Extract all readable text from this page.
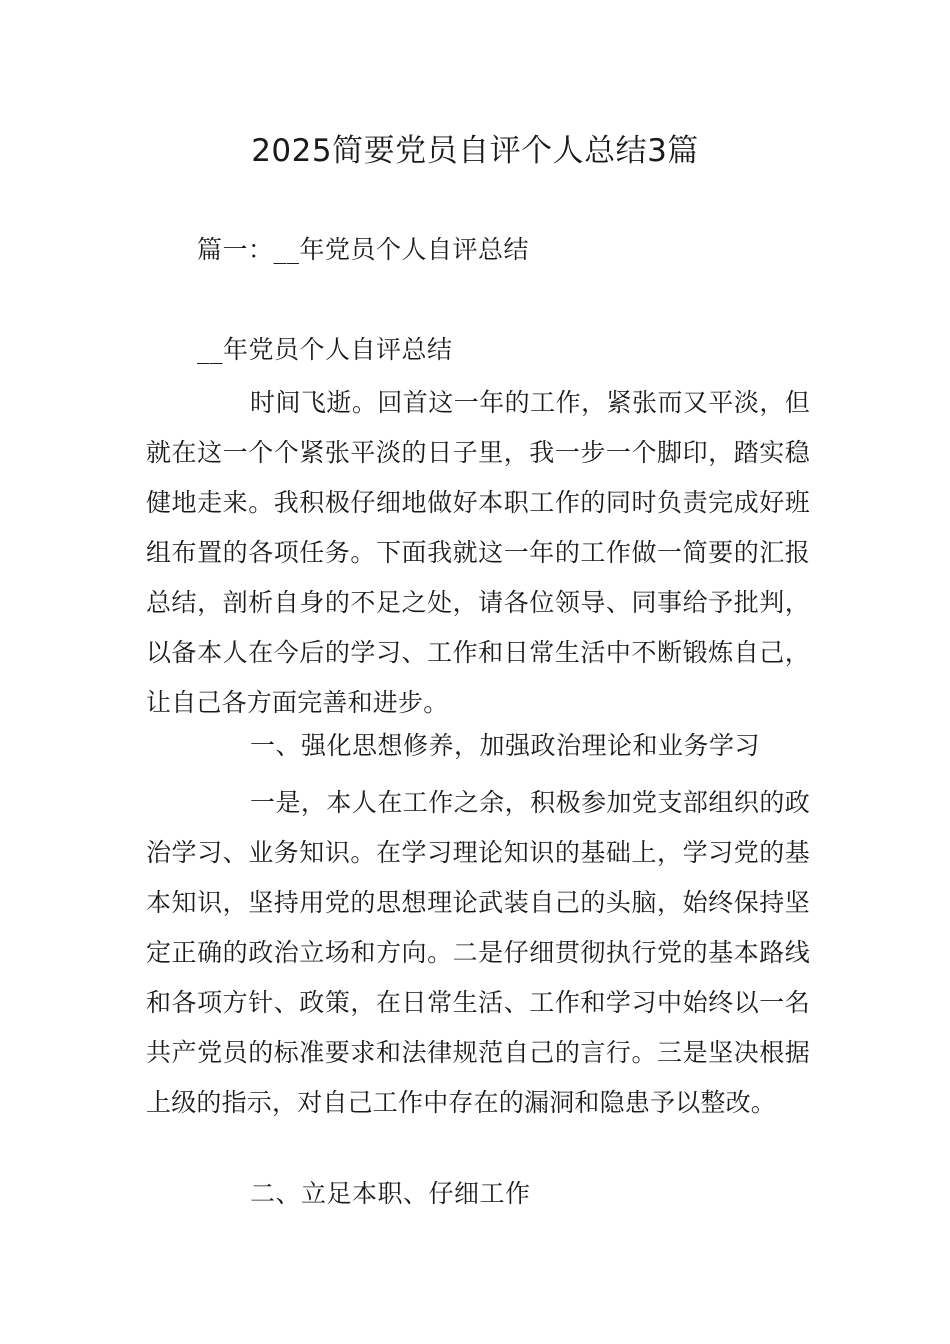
2025简要党员自评个人总结3篇

篇一：__年党员个人自评总结

__年党员个人自评总结

时间飞逝。回首这一年的工作，紧张而又平淡，但就在这一个个紧张平淡的日子里，我一步一个脚印，踏实稳健地走来。我积极仔细地做好本职工作的同时负责完成好班组布置的各项任务。下面我就这一年的工作做一简要的汇报总结，剖析自身的不足之处，请各位领导、同事给予批判，以备本人在今后的学习、工作和日常生活中不断锻炼自己，让自己各方面完善和进步。

一、强化思想修养，加强政治理论和业务学习

一是，本人在工作之余，积极参加党支部组织的政治学习、业务知识。在学习理论知识的基础上，学习党的基本知识，坚持用党的思想理论武装自己的头脑，始终保持坚定正确的政治立场和方向。二是仔细贯彻执行党的基本路线和各项方针、政策，在日常生活、工作和学习中始终以一名共产党员的标准要求和法律规范自己的言行。三是坚决根据上级的指示，对自己工作中存在的漏洞和隐患予以整改。

二、立足本职、仔细工作
